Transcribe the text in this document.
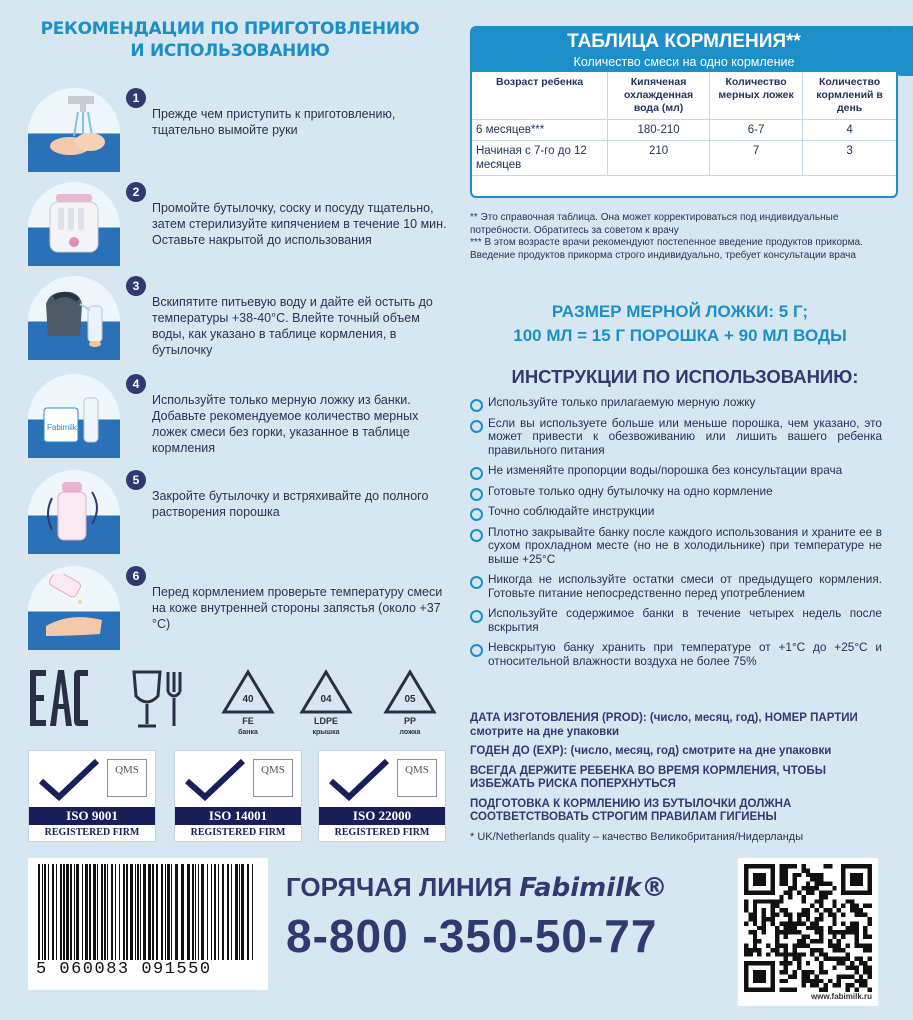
РЕКОМЕНДАЦИИ ПО ПРИГОТОВЛЕНИЮ
И ИСПОЛЬЗОВАНИЮ
1
Прежде чем приступить к приготовлению, тщательно вымойте руки
2
Промойте бутылочку, соску и посуду тщательно, затем стерилизуйте кипячением в течение 10 мин. Оставьте накрытой до использования
3
Вскипятите питьевую воду и дайте ей остыть до температуры +38-40°С. Влейте точный объем воды, как указано в таблице кормления, в бутылочку
Fabimilk
4
Используйте только мерную ложку из банки. Добавьте рекомендуемое количество мерных ложек смеси без горки, указанное в таблице кормления
5
Закройте бутылочку и встряхивайте до полного растворения порошка
6
Перед кормлением проверьте температуру смеси на коже внутренней стороны запястья (около +37 °С)
40
FE
банка
04
LDPE
крышка
05
PP
ложка
QMS
ISO 9001
REGISTERED FIRM
QMS
ISO 14001
REGISTERED FIRM
QMS
ISO 22000
REGISTERED FIRM
ТАБЛИЦА КОРМЛЕНИЯ**
Количество смеси на одно кормление
Возраст ребенка	Кипяченая охлажденная вода (мл)	Количество мерных ложек	Количество кормлений в день
6 месяцев***	180-210	6-7	4
Начиная с 7-го до 12 месяцев	210	7	3
** Это справочная таблица. Она может корректироваться под индивидуальные потребности. Обратитесь за советом к врачу
*** В этом возрасте врачи рекомендуют постепенное введение продуктов прикорма. Введение продуктов прикорма строго индивидуально, требует консультации врача
РАЗМЕР МЕРНОЙ ЛОЖКИ: 5 Г;
100 МЛ = 15 Г ПОРОШКА + 90 МЛ ВОДЫ
ИНСТРУКЦИИ ПО ИСПОЛЬЗОВАНИЮ:
Используйте только прилагаемую мерную ложку
Если вы используете больше или меньше порошка, чем указано, это может привести к обезвоживанию или лишить вашего ребенка правильного питания
Не изменяйте пропорции воды/порошка без консультации врача
Готовьте только одну бутылочку на одно кормление
Точно соблюдайте инструкции
Плотно закрывайте банку после каждого использования и храните ее в сухом прохладном месте (но не в холодильнике) при температуре не выше +25°С
Никогда не используйте остатки смеси от предыдущего кормления. Готовьте питание непосредственно перед употреблением
Используйте содержимое банки в течение четырех недель после вскрытия
Невскрытую банку хранить при температуре от +1°С до +25°С и относительной влажности воздуха не более 75%

ДАТА ИЗГОТОВЛЕНИЯ (PROD): (число, месяц, год), НОМЕР ПАРТИИ смотрите на дне упаковки

ГОДЕН ДО (EXP): (число, месяц, год) смотрите на дне упаковки

ВСЕГДА ДЕРЖИТЕ РЕБЕНКА ВО ВРЕМЯ КОРМЛЕНИЯ, ЧТОБЫ ИЗБЕЖАТЬ РИСКА ПОПЕРХНУТЬСЯ

ПОДГОТОВКА К КОРМЛЕНИЮ ИЗ БУТЫЛОЧКИ ДОЛЖНА СООТВЕТСТВОВАТЬ СТРОГИМ ПРАВИЛАМ ГИГИЕНЫ

* UK/Netherlands quality – качество Великобритания/Нидерланды

5 060083 091550
ГОРЯЧАЯ ЛИНИЯ Fabimilk®
8-800 -350-50-77
www.fabimilk.ru
